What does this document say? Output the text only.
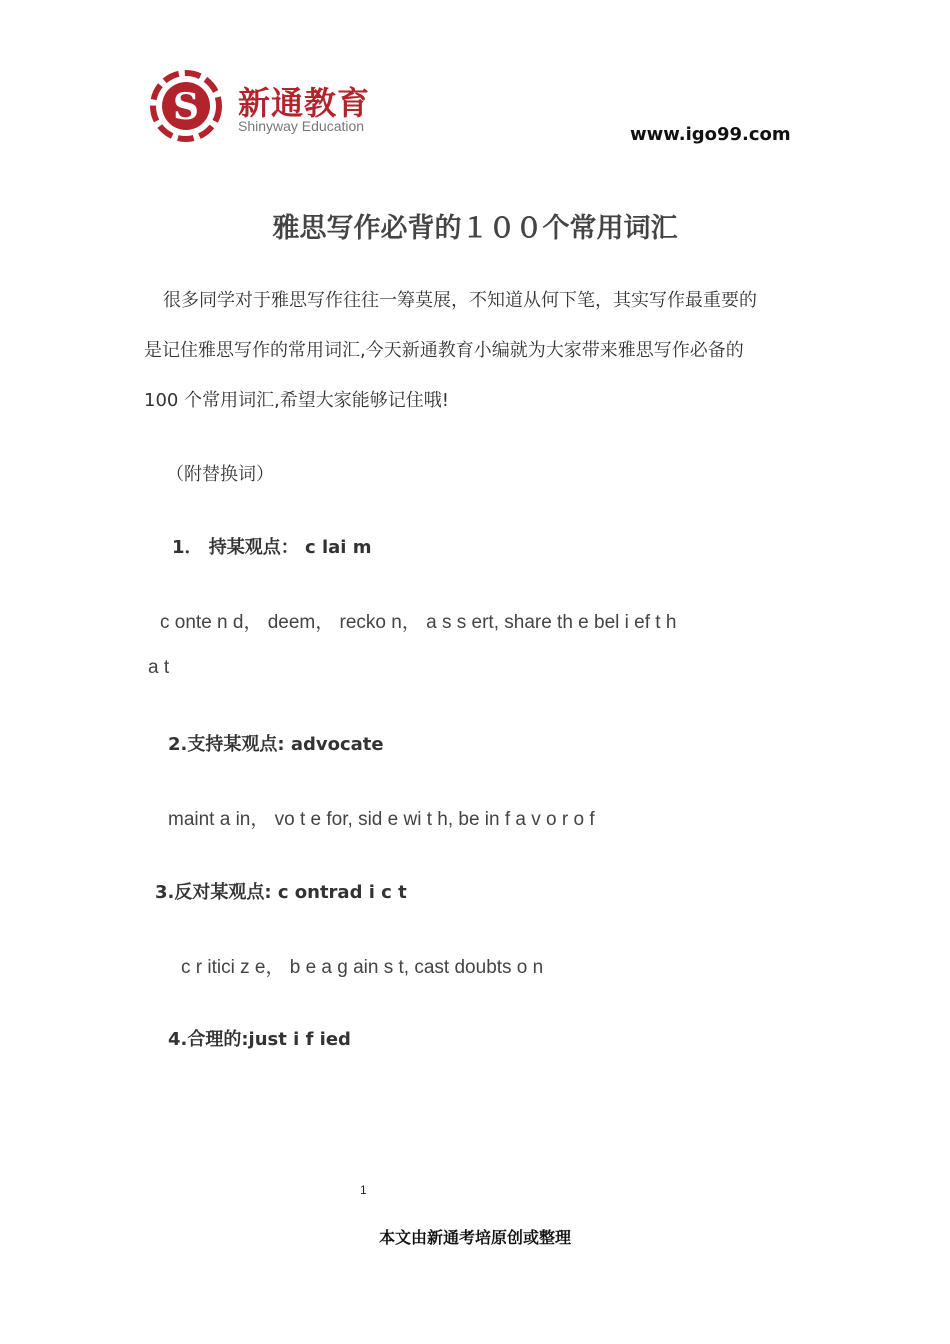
S 新通教育
Shinyway Education	www.igo99.com
雅思写作必背的１００个常用词汇
很多同学对于雅思写作往往一筹莫展，不知道从何下笔，其实写作最重要的
是记住雅思写作的常用词汇,今天新通教育小编就为大家带来雅思写作必备的
100 个常用词汇,希望大家能够记住哦!
（附替换词）
1． 持某观点： c lai m
c onte n d， deem， recko n， a s s ert, share th e bel i ef t h
a t
2.支持某观点: advocate
maint a in， vo t e for, sid e wi t h, be in f a v o r o f
3.反对某观点: c ontrad i c t
c r itici z e， b e a g ain s t, cast doubts o n
4.合理的:just i f ied
1
本文由新通考培原创或整理
